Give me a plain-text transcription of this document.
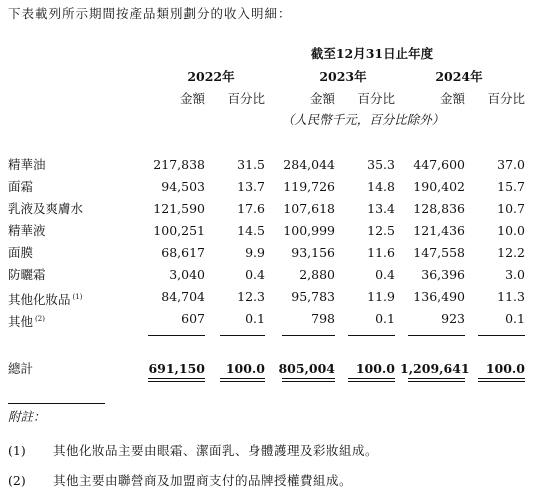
下表載列所示期間按產品類別劃分的收入明細：
截至12月31日止年度
2022年	2023年	2024年
金額	百分比	金額	百分比	金額	百分比
（人民幣千元，百分比除外）
精華油	217,838	31.5	284,044	35.3	447,600	37.0
面霜	94,503	13.7	119,726	14.8	190,402	15.7
乳液及爽膚水	121,590	17.6	107,618	13.4	128,836	10.7
精華液	100,251	14.5	100,999	12.5	121,436	10.0
面膜	68,617	9.9	93,156	11.6	147,558	12.2
防曬霜	3,040	0.4	2,880	0.4	36,396	3.0
其他化妝品 $^{(1)}$	84,704	12.3	95,783	11.9	136,490	11.3
其他 $^{(2)}$	607	0.1	798	0.1	923	0.1
總計	691,150	100.0	805,004	100.0 1,209,641	100.0
附註：
(1) 其他化妝品主要由眼霜、潔面乳、身體護理及彩妝組成。
(2) 其他主要由聯營商及加盟商支付的品牌授權費組成。
